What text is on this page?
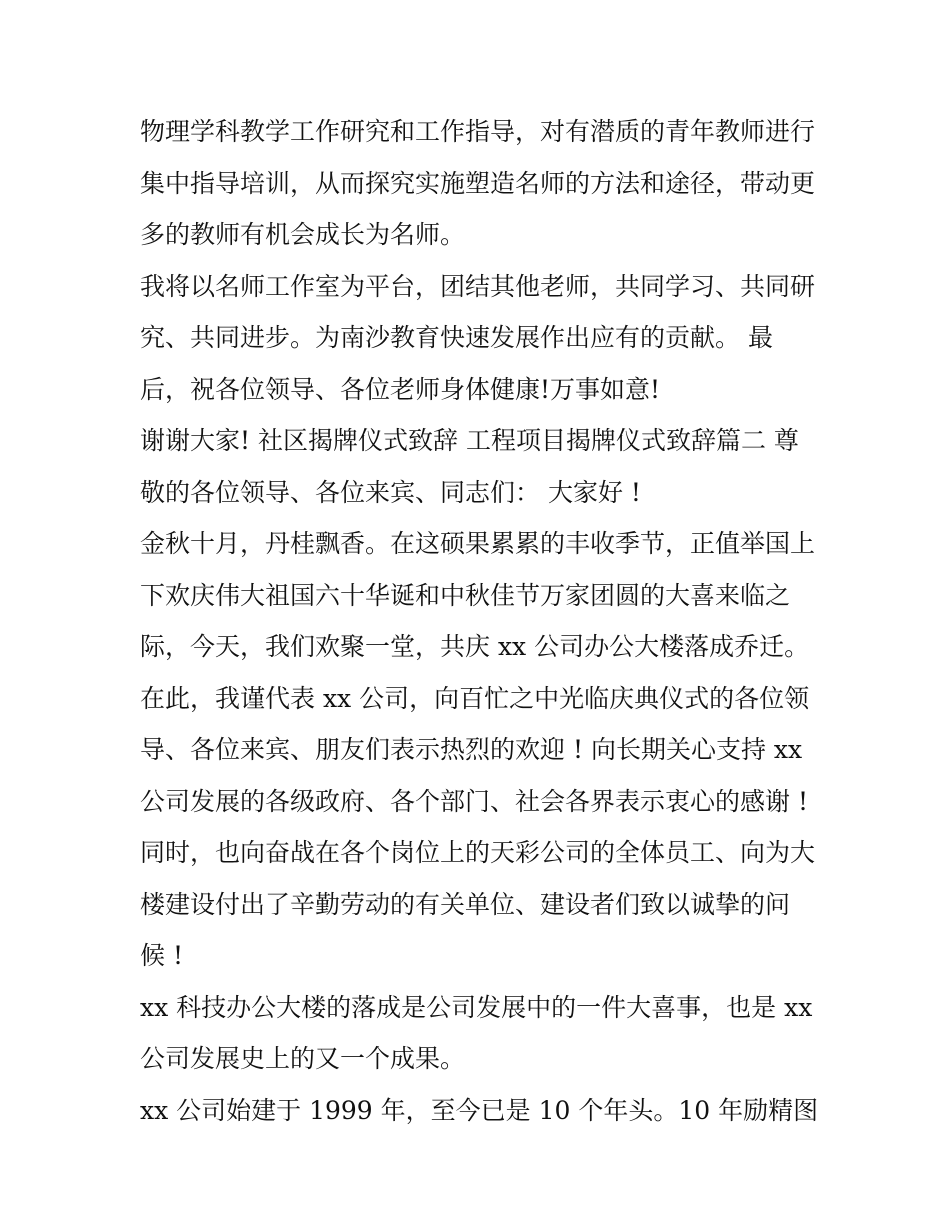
物理学科教学工作研究和工作指导，对有潜质的青年教师进行
集中指导培训，从而探究实施塑造名师的方法和途径，带动更
多的教师有机会成长为名师。
我将以名师工作室为平台，团结其他老师，共同学习、共同研
究、共同进步。为南沙教育快速发展作出应有的贡献。 最
后，祝各位领导、各位老师身体健康!万事如意!
谢谢大家! 社区揭牌仪式致辞 工程项目揭牌仪式致辞篇二 尊
敬的各位领导、各位来宾、同志们： 大家好 !
金秋十月，丹桂飘香。在这硕果累累的丰收季节，正值举国上
下欢庆伟大祖国六十华诞和中秋佳节万家团圆的大喜来临之
际，今天，我们欢聚一堂，共庆 xx 公司办公大楼落成乔迁。
在此，我谨代表 xx 公司，向百忙之中光临庆典仪式的各位领
导、各位来宾、朋友们表示热烈的欢迎 ! 向长期关心支持 xx
公司发展的各级政府、各个部门、社会各界表示衷心的感谢 !
同时，也向奋战在各个岗位上的天彩公司的全体员工、向为大
楼建设付出了辛勤劳动的有关单位、建设者们致以诚挚的问
候 !
xx 科技办公大楼的落成是公司发展中的一件大喜事，也是 xx
公司发展史上的又一个成果。
xx 公司始建于 1999 年，至今已是 10 个年头。10 年励精图
